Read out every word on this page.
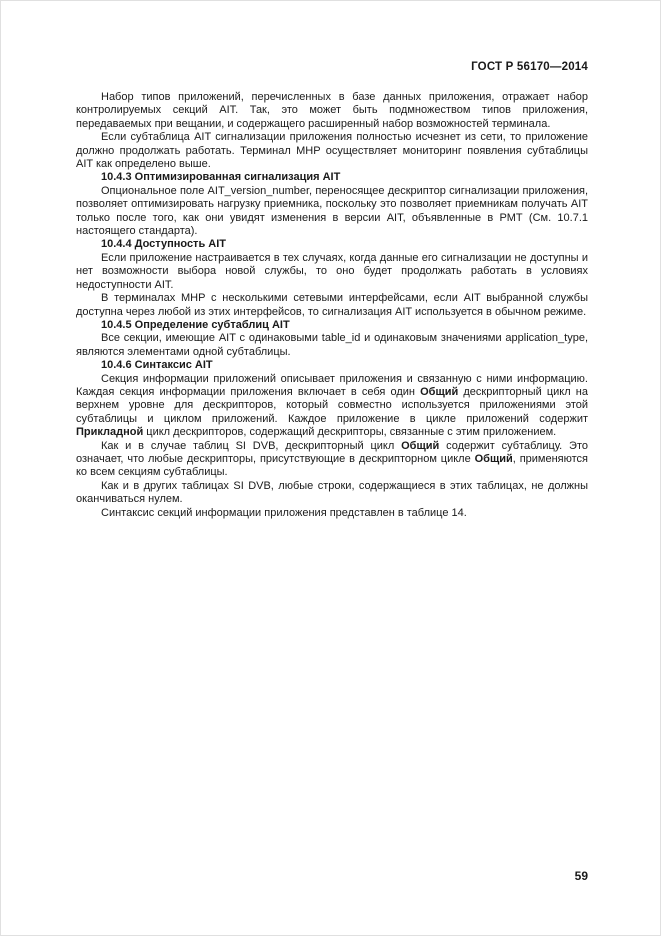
ГОСТ Р 56170—2014

Набор типов приложений, перечисленных в базе данных приложения, отражает набор контролируемых секций AIT. Так, это может быть подмножеством типов приложения, передаваемых при вещании, и содержащего расширенный набор возможностей терминала.

Если субтаблица AIT сигнализации приложения полностью исчезнет из сети, то приложение должно продолжать работать. Терминал MHP осуществляет мониторинг появления субтаблицы AIT как определено выше.

10.4.3 Оптимизированная сигнализация AIT

Опциональное поле AIT_version_number, переносящее дескриптор сигнализации приложения, позволяет оптимизировать нагрузку приемника, поскольку это позволяет приемникам получать AIT только после того, как они увидят изменения в версии AIT, объявленные в РМТ (См. 10.7.1 настоящего стандарта).

10.4.4 Доступность AIT

Если приложение настраивается в тех случаях, когда данные его сигнализации не доступны и нет возможности выбора новой службы, то оно будет продолжать работать в условиях недоступности AIT.

В терминалах MHP с несколькими сетевыми интерфейсами, если AIT выбранной службы доступна через любой из этих интерфейсов, то сигнализация AIT используется в обычном режиме.

10.4.5 Определение субтаблиц AIT

Все секции, имеющие AIT с одинаковыми table_id и одинаковым значениями application_type, являются элементами одной субтаблицы.

10.4.6 Синтаксис AIT

Секция информации приложений описывает приложения и связанную с ними информацию. Каждая секция информации приложения включает в себя один Общий дескрипторный цикл на верхнем уровне для дескрипторов, который совместно используется приложениями этой субтаблицы и циклом приложений. Каждое приложение в цикле приложений содержит Прикладной цикл дескрипторов, содержащий дескрипторы, связанные с этим приложением.

Как и в случае таблиц SI DVB, дескрипторный цикл Общий содержит субтаблицу. Это означает, что любые дескрипторы, присутствующие в дескрипторном цикле Общий, применяются ко всем секциям субтаблицы.

Как и в других таблицах SI DVB, любые строки, содержащиеся в этих таблицах, не должны оканчиваться нулем.

Синтаксис секций информации приложения представлен в таблице 14.

59
